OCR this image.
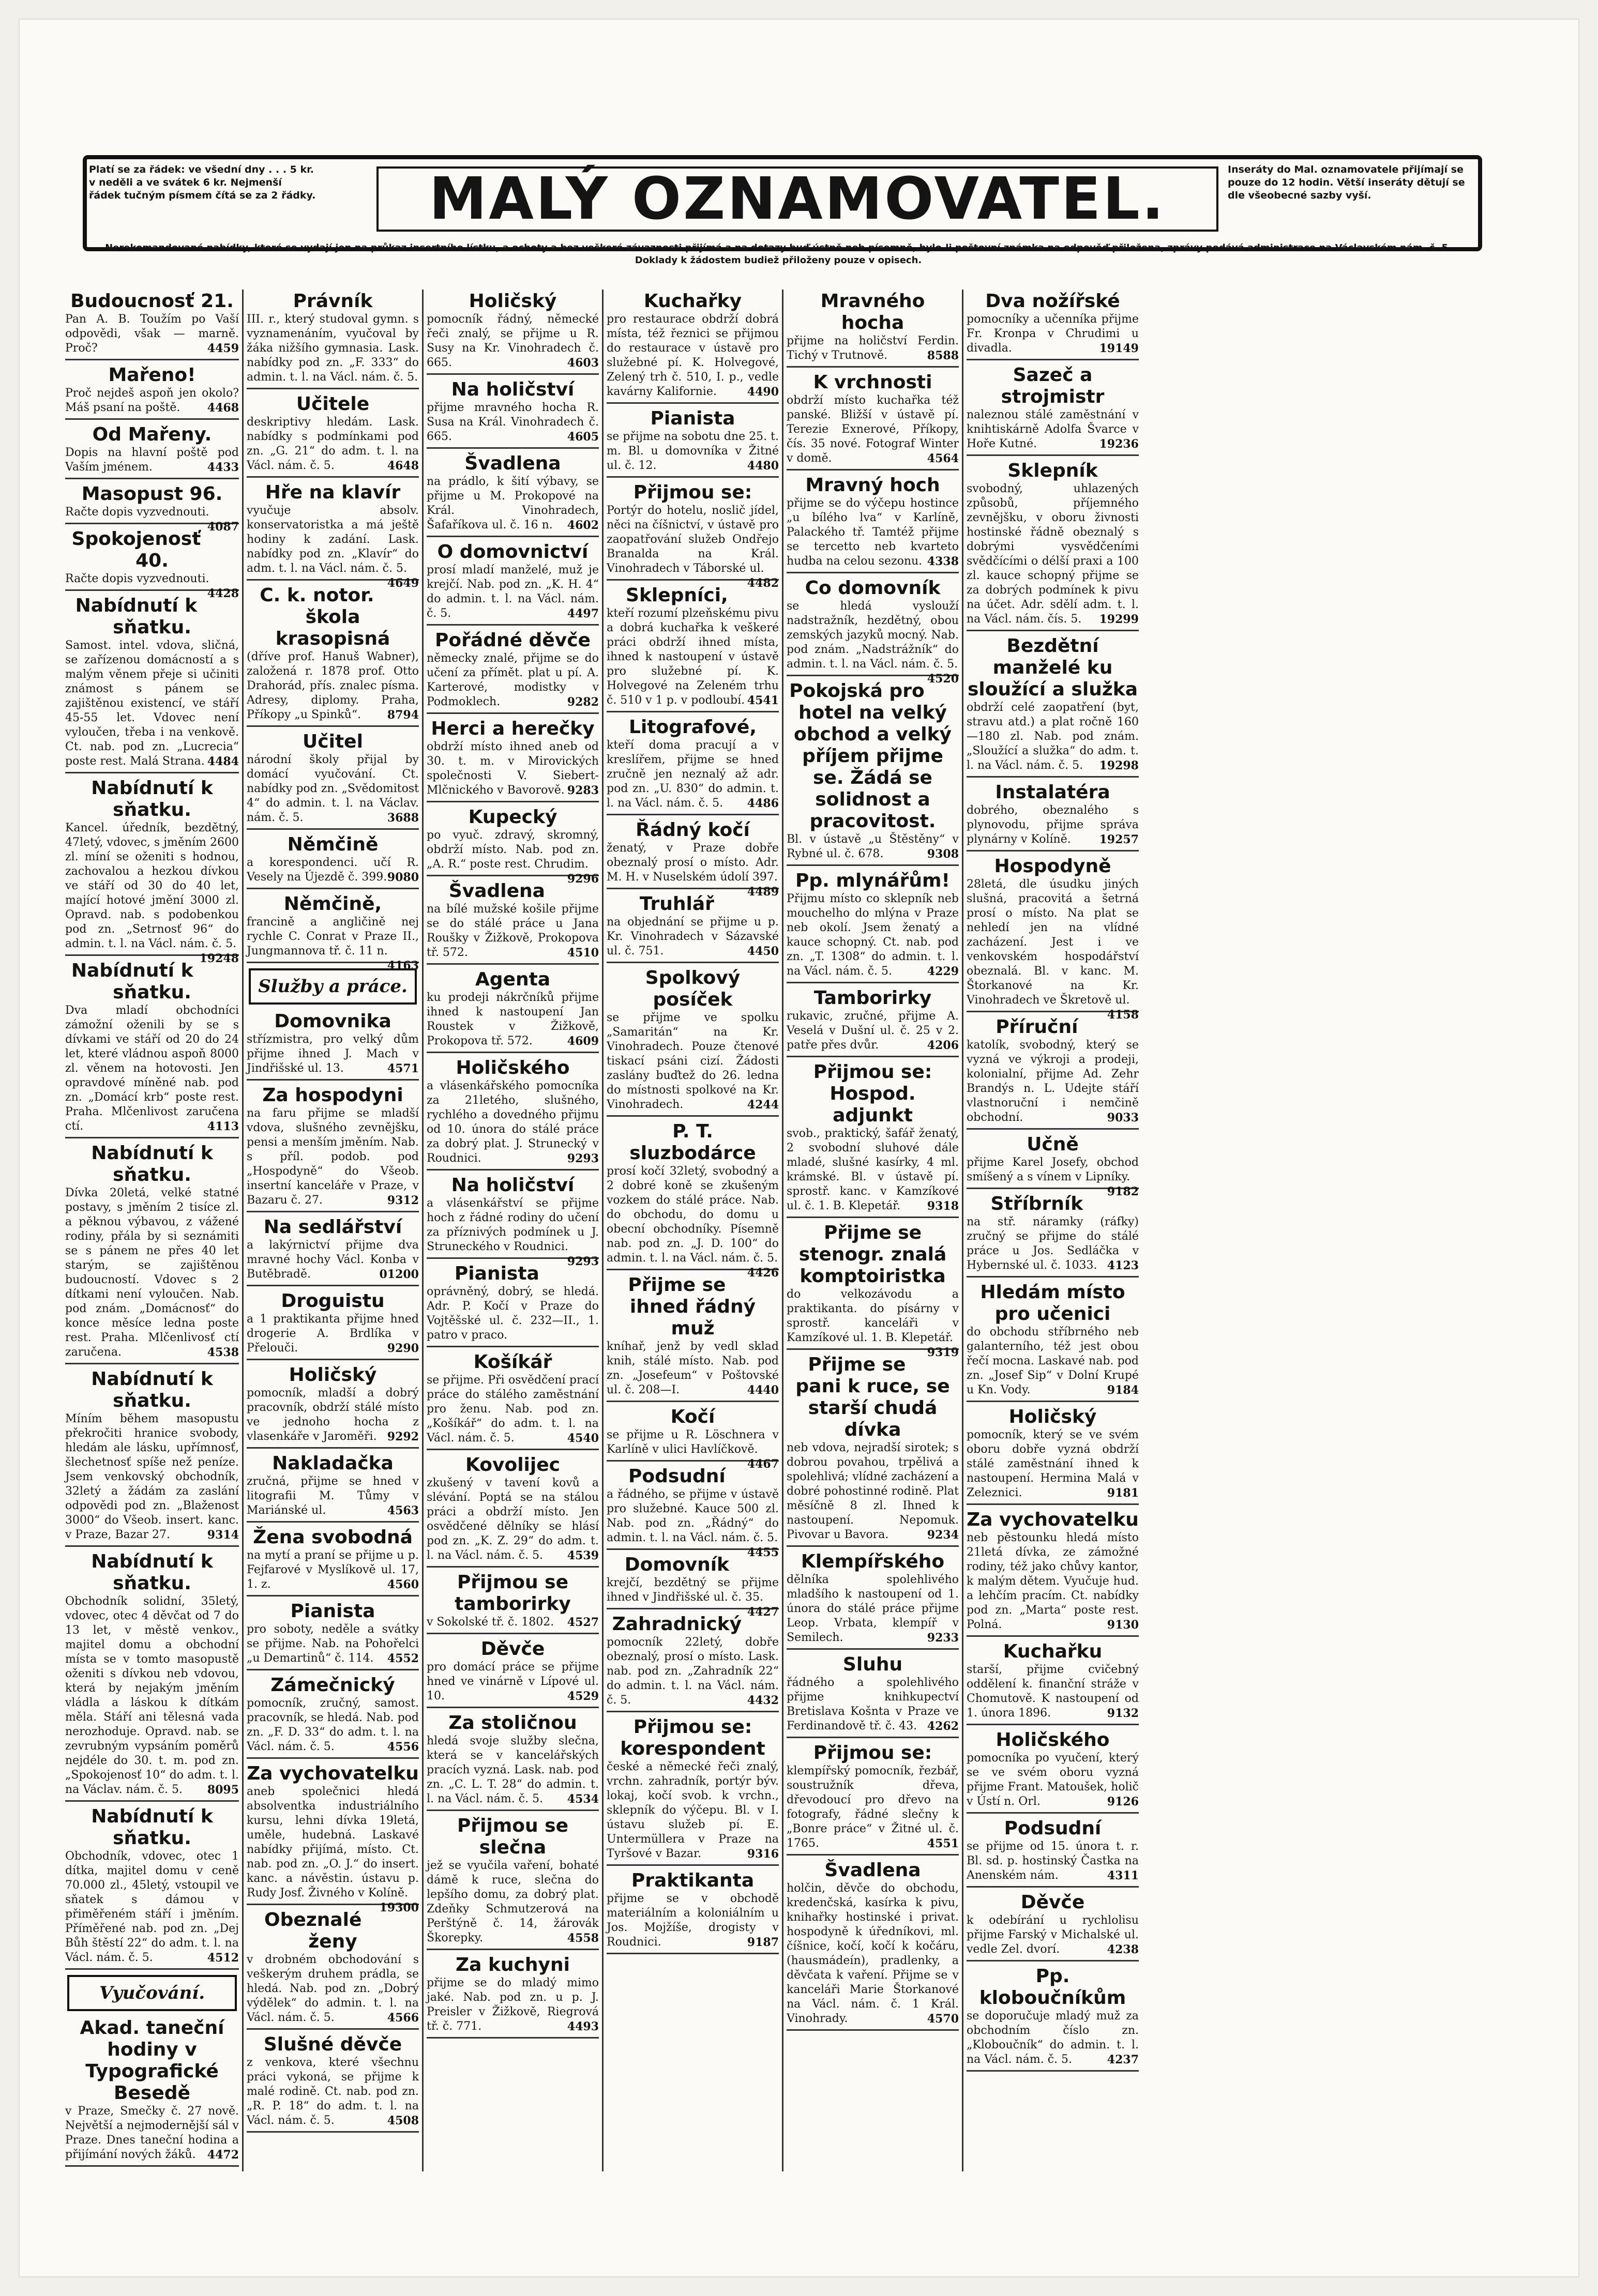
Platí se za řádek: ve všední dny . . . 5 kr. v neděli a ve svátek 6 kr. Nejmenší řádek tučným písmem čítá se za 2 řádky.	MALÝ OZNAMOVATEL.	Inseráty do Mal. oznamovatele přijímají se pouze do 12 hodin. Větší inseráty dětují se dle všeobecné sazby vyší.
Nerekomandované nabídky, které se vydají jen na průkaz insertního lístku, a ochoty a bez veškeré závaznosti přijímá a na dotazy buď ústně neb písemně, bylo-li poštovní známka na odpověď přiložena, zprávy podává administrace na Václavském nám. č. 5. Doklady k žádostem budiež přiloženy pouze v opisech.
Budoucnosť 21.

Pan A. B. Toužím po Vaší odpovědi, však — marně. Proč?	4459

Mařeno!

Proč nejdeš aspoň jen okolo? Máš psaní na poště. 4468

Od Mařeny.

Dopis na hlavní poště pod Vaším jménem.	4433

Masopust 96.

Račte dopis vyzvednouti.
4087

Spokojenosť 40.

Račte dopis vyzvednouti.
4428

Nabídnutí k sňatku.

Samost. intel. vdova, sličná, se zařízenou domácností a s malým věnem přeje si učiniti známost s pánem se zajištěnou existencí, ve stáří 45-55 let. Vdovec není vyloučen, třeba i na venkově. Ct. nab. pod zn. „Lucrecia“ poste rest. Malá Strana. 4484

Nabídnutí k sňatku.

Kancel. úředník, bezdětný, 47letý, vdovec, s jměním 2600 zl. míní se oženiti s hodnou, zachovalou a hezkou dívkou ve stáří od 30 do 40 let, mající hotové jmění 3000 zl. Opravd. nab. s podobenkou pod zn. „Setrnosť 96“ do admin. t. l. na Václ. nám. č. 5.
19248

Nabídnutí k sňatku.

Dva mladí obchodníci zámožní oženili by se s dívkami ve stáří od 20 do 24 let, které vládnou aspoň 8000 zl. věnem na hotovosti. Jen opravdové míněné nab. pod zn. „Domácí krb“ poste rest. Praha. Mlčenlivost zaručena ctí.	4113

Nabídnutí k sňatku.

Dívka 20letá, velké statné postavy, s jměním 2 tisíce zl. a pěknou výbavou, z vážené rodiny, přála by si seznámiti se s pánem ne přes 40 let starým, se zajištěnou budoucností. Vdovec s 2 dítkami není vyloučen. Nab. pod znám. „Domácnosť“ do konce měsíce ledna poste rest. Praha. Mlčenlivosť ctí zaručena.	4538

Nabídnutí k sňatku.

Míním během masopustu překročiti hranice svobody, hledám ale lásku, upřímnosť, šlechetnosť spíše než peníze. Jsem venkovský obchodník, 32letý a žádám za zaslání odpovědi pod zn. „Blaženost 3000“ do Všeob. insert. kanc. v Praze, Bazar 27.	9314

Nabídnutí k sňatku.

Obchodník solidní, 35letý, vdovec, otec 4 děvčat od 7 do 13 let, v městě venkov., majitel domu a obchodní místa se v tomto masopustě oženiti s dívkou neb vdovou, která by nejakým jměním vládla a láskou k dítkám měla. Stáří ani tělesná vada nerozhoduje. Opravd. nab. se zevrubným vypsáním poměrů nejdéle do 30. t. m. pod zn. „Spokojenosť 10“ do adm. t. l. na Václav. nám. č. 5. 8095

Nabídnutí k sňatku.

Obchodník, vdovec, otec 1 dítka, majitel domu v ceně 70.000 zl., 45letý, vstoupil ve sňatek s dámou v přiměřeném stáří i jměním. Příměřené nab. pod zn. „Dej Bůh štěstí 22“ do adm. t. l. na Václ. nám. č. 5.	4512

Vyučování.
Akad. taneční hodiny v Typografické Besedě

v Praze, Smečky č. 27 nově. Největší a nejmodernější sál v Praze. Dnes taneční hodina a přijímání nových žáků. 4472

Právník

III. r., který studoval gymn. s vyznamenáním, vyučoval by žáka nižšího gymnasia. Lask. nabídky pod zn. „F. 333“ do admin. t. l. na Václ. nám. č. 5.

Učitele

deskriptivy hledám. Lask. nabídky s podmínkami pod zn. „G. 21“ do adm. t. l. na Václ. nám. č. 5.	4648

Hře na klavír

vyučuje absolv. konservatoristka a má ještě hodiny k zadání. Lask. nabídky pod zn. „Klavír“ do adm. t. l. na Václ. nám. č. 5.
4649

C. k. notor. škola krasopisná

(dříve prof. Hanuš Wabner), založená r. 1878 prof. Otto Drahorád, přís. znalec písma. Adresy, diplomy. Praha, Příkopy „u Spinků“. 8794

Učitel

národní školy přijal by domácí vyučování. Ct. nabídky pod zn. „Svědomitost 4“ do admin. t. l. na Václav. nám. č. 5.	3688

Němčině

a korespondenci. učí R. Vesely na Újezdě č. 399. 9080

Němčině,

francině a angličině nej rychle C. Conrat v Praze II., Jungmannova tř. č. 11 n.
4163

Služby a práce.
Domovnika

střízmistra, pro velký dům přijme ihned J. Mach v Jindřišské ul. 13.	4571

Za hospodyni

na faru přijme se mladší vdova, slušného zevnějšku, pensi a menším jměním. Nab. s příl. podob. pod „Hospodyně“ do Všeob. insertní kanceláře v Praze, v Bazaru č. 27.	9312

Na sedlářství

a lakýrnictví přijme dva mravné hochy Václ. Konba v Butěbradě.	01200

Droguistu

a 1 praktikanta přijme hned drogerie A. Brdlíka v Přelouči.	9290

Holičský

pomocník, mladší a dobrý pracovník, obdrží stálé místo ve jednoho hocha z vlasenkáře v Jaroměři. 9292

Nakladačka

zručná, přijme se hned v litografii M. Tůmy v Mariánské ul.	4563

Žena svobodná

na mytí a praní se přijme u p. Fejfarové v Myslíkově ul. 17, 1. z.	4560

Pianista

pro soboty, neděle a svátky se přijme. Nab. na Pohořelci „u Demartinů“ č. 114. 4552

Zámečnický

pomocník, zručný, samost. pracovník, se hledá. Nab. pod zn. „F. D. 33“ do adm. t. l. na Václ. nám. č. 5.	4556

Za vychovatelku

aneb společnici hledá absolventka industriálního kursu, lehni dívka 19letá, uměle, hudebná. Laskavé nabídky přijímá, místo. Ct. nab. pod zn. „O. J.“ do insert. kanc. a návěstin. ústavu p. Rudy Josf. Živného v Kolíně.
19300

Obeznalé ženy

v drobném obchodování s veškerým druhem prádla, se hledá. Nab. pod zn. „Dobrý výdělek“ do admin. t. l. na Václ. nám. č. 5.	4566

Slušné děvče

z venkova, které všechnu práci vykoná, se přijme k malé rodině. Ct. nab. pod zn. „R. P. 18“ do adm. t. l. na Václ. nám. č. 5.	4508

Holičský

pomocník řádný, německé řeči znalý, se přijme u R. Susy na Kr. Vinohradech č. 665.	4603

Na holičství

přijme mravného hocha R. Susa na Král. Vinohradech č. 665.	4605

Švadlena

na prádlo, k šití výbavy, se přijme u M. Prokopové na Král. Vinohradech, Šafaříkova ul. č. 16 n. 4602

O domovnictví

prosí mladí manželé, muž je krejčí. Nab. pod zn. „K. H. 4“ do admin. t. l. na Václ. nám. č. 5.	4497

Pořádné děvče

německy znalé, přijme se do učení za přímět. plat u pí. A. Karterové, modistky v Podmoklech.	9282

Herci a herečky

obdrží místo ihned aneb od 30. t. m. v Mirovických společnosti V. Siebert-Mlčnického v Bavorově. 9283

Kupecký

po vyuč. zdravý, skromný, obdrží místo. Nab. pod zn. „A. R.“ poste rest. Chrudim.
9296

Švadlena

na bílé mužské košile přijme se do stálé práce u Jana Roušky v Žižkově, Prokopova tř. 572.	4510

Agenta

ku prodeji nákrčníků přijme ihned k nastoupení Jan Roustek v Žižkově, Prokopova tř. 572.	4609

Holičského

a vlásenkářského pomocníka za 21letého, slušného, rychlého a dovedného přijmu od 10. února do stálé práce za dobrý plat. J. Strunecký v Roudnici.	9293

Na holičství

a vlásenkářství se přijme hoch z řádné rodiny do učení za příznivých podmínek u J. Struneckého v Roudnici.
9293

Pianista

oprávněný, dobrý, se hledá. Adr. P. Kočí v Praze do Vojtěšské ul. č. 232—II., 1. patro v praco.

Košíkář

se přijme. Při osvědčení prací práce do stálého zaměstnání pro ženu. Nab. pod zn. „Košíkář“ do adm. t. l. na Václ. nám. č. 5.	4540

Kovolijec

zkušený v tavení kovů a slévání. Poptá se na stálou práci a obdrží místo. Jen osvědčené dělníky se hlásí pod zn. „K. Z. 29“ do adm. t. l. na Václ. nám. č. 5. 4539

Přijmou se tamborirky

v Sokolské tř. č. 1802. 4527

Děvče

pro domácí práce se přijme hned ve vinárně v Lípové ul. 10.	4529

Za stoličnou

hledá svoje služby slečna, která se v kancelářských pracích vyzná. Lask. nab. pod zn. „C. L. T. 28“ do admin. t. l. na Václ. nám. č. 5. 4534

Přijmou se slečna

jež se vyučila vaření, bohaté dámě k ruce, slečna do lepšího domu, za dobrý plat. Zdeňky Schmutzerová na Perštýně č. 14, žárovák Škorepky.	4558

Za kuchyni

přijme se do mladý mimo jaké. Nab. pod zn. u p. J. Preisler v Žižkově, Riegrová tř. č. 771.	4493

Kuchařky

pro restaurace obdrží dobrá místa, též řeznici se přijmou do restaurace v ústavě pro služebné pí. K. Holvegové, Zelený trh č. 510, I. p., vedle kavárny Kalifornie.	4490

Pianista

se přijme na sobotu dne 25. t. m. Bl. u domovníka v Žitné ul. č. 12.	4480

Přijmou se:

Portýr do hotelu, noslič jídel, něci na číšnictví, v ústavě pro zaopatřování služeb Ondřejo Branalda na Král. Vinohradech v Táborské ul.
4482

Sklepníci,

kteří rozumí plzeňskému pivu a dobrá kuchařka k veškeré práci obdrží ihned místa, ihned k nastoupení v ústavě pro služebné pí. K. Holvegové na Zeleném trhu č. 510 v 1 p. v podloubí. 4541

Litografové,

kteří doma pracují a v kreslířem, přijme se hned zručně jen neznalý až adr. pod zn. „U. 830“ do admin. t. l. na Václ. nám. č. 5. 4486

Řádný kočí

ženatý, v Praze dobře obeznalý prosí o místo. Adr. M. H. v Nuselském údolí 397.
4489

Truhlář

na objednání se přijme u p. Kr. Vinohradech v Sázavské ul. č. 751.	4450

Spolkový posíček

se přijme ve spolku „Samaritán“ na Kr. Vinohradech. Pouze čtenové tiskací psáni cizí. Žádosti zaslány buďtež do 26. ledna do místnosti spolkové na Kr. Vinohradech.	4244

P. T. sluzbodárce

prosí kočí 32letý, svobodný a 2 dobré koně se zkušeným vozkem do stálé práce. Nab. do obchodu, do domu u obecní obchodníky. Písemně nab. pod zn. „J. D. 100“ do admin. t. l. na Václ. nám. č. 5.
4426

Přijme se ihned řádný muž

kníhař, jenž by vedl sklad knih, stálé místo. Nab. pod zn. „Josefeum“ v Poštovské ul. č. 208—I.	4440

Kočí

se přijme u R. Löschnera v Karlíně v ulici Havlíčkově.
4467

Podsudní

a řádného, se přijme v ústavě pro služebné. Kauce 500 zl. Nab. pod zn. „Řádný“ do admin. t. l. na Václ. nám. č. 5.
4455

Domovník

krejčí, bezdětný se přijme ihned v Jindřišské ul. č. 35.
4427

Zahradnický

pomocník 22letý, dobře obeznalý, prosí o místo. Lask. nab. pod zn. „Zahradník 22“ do admin. t. l. na Václ. nám. č. 5.	4432

Přijmou se: korespondent

české a německé řeči znalý, vrchn. zahradník, portýr býv. lokaj, kočí svob. k vrchn., sklepník do výčepu. Bl. v I. ústavu služeb pí. E. Untermüllera v Praze na Tyršové v Bazar.	9316

Praktikanta

přijme se v obchodě materiálním a koloniálním u Jos. Mojžíše, drogisty v Roudnici.	9187

Mravného hocha

přijme na holičství Ferdin. Tichý v Trutnově.	8588

K vrchnosti

obdrží místo kuchařka též panské. Bližší v ústavě pí. Terezie Exnerové, Příkopy, čís. 35 nové. Fotograf Winter v domě.	4564

Mravný hoch

přijme se do výčepu hostince „u bílého lva“ v Karlíně, Palackého tř. Tamtéž přijme se tercetto neb kvarteto hudba na celou sezonu. 4338

Co domovník

se hledá vyslouží nadstražník, hezdětný, obou zemských jazyků mocný. Nab. pod znám. „Nadstrážník“ do admin. t. l. na Václ. nám. č. 5.
4520

Pokojská pro hotel na velký obchod a velký příjem přijme se. Žádá se solidnost a pracovitost.

Bl. v ústavě „u Štěstěny“ v Rybné ul. č. 678.	9308

Pp. mlynářům!

Přijmu místo co sklepník neb mouchelho do mlýna v Praze neb okolí. Jsem ženatý a kauce schopný. Ct. nab. pod zn. „T. 1308“ do admin. t. l. na Václ. nám. č. 5.	4229

Tamborirky

rukavic, zručné, přijme A. Veselá v Dušní ul. č. 25 v 2. patře přes dvůr.	4206

Přijmou se: Hospod. adjunkt

svob., praktický, šafář ženatý, 2 svobodní sluhové dále mladé, slušné kasírky, 4 ml. krámské. Bl. v ústavě pí. sprostř. kanc. v Kamzíkové ul. č. 1. B. Klepetář. 9318

Přijme se stenogr. znalá komptoiristka

do velkozávodu a praktikanta. do písárny v sprostř. kanceláři v Kamzíkové ul. 1. B. Klepetář.
9319

Přijme se pani k ruce, se starší chudá dívka

neb vdova, nejradší sirotek; s dobrou povahou, trpělivá a spolehlivá; vlídné zacházení a dobré pohostinné rodině. Plat měsíčně 8 zl. Ihned k nastoupení. Nepomuk. Pivovar u Bavora.	9234

Klempířského

dělníka spolehlivého mladšího k nastoupení od 1. února do stálé práce přijme Leop. Vrbata, klempíř v Semilech.	9233

Sluhu

řádného a spolehlivého přijme knihkupectví Bretislava Košnta v Praze ve Ferdinandově tř. č. 43. 4262

Přijmou se:

klempířský pomocník, řezbář, soustružník dřeva, dřevodoucí pro dřevo na fotografy, řádné slečny k „Bonre práce“ v Žitné ul. č. 1765.	4551

Švadlena

holčin, děvče do obchodu, kredenčská, kasírka k pivu, knihařky hostinské i privat. hospodyně k úředníkovi, ml. číšnice, kočí, kočí k kočáru, (hausmádeín), pradlenky, a děvčata k vaření. Přijme se v kanceláři Marie Štorkanové na Václ. nám. č. 1 Král. Vinohrady.	4570

Dva nožířské

pomocníky a učenníka přijme Fr. Kronpa v Chrudimi u divadla.	19149

Sazeč a strojmistr

naleznou stálé zaměstnání v knihtiskárně Adolfa Švarce v Hoře Kutné.	19236

Sklepník

svobodný, uhlazených způsobů, příjemného zevnějšku, v oboru živnosti hostinské řádně obeznalý s dobrými vysvědčeními svědčícími o délší praxi a 100 zl. kauce schopný přijme se za dobrých podmínek k pivu na účet. Adr. sdělí adm. t. l. na Václ. nám. čís. 5. 19299

Bezdětní manželé ku sloužící a služka

obdrží celé zaopatření (byt, stravu atd.) a plat ročně 160—180 zl. Nab. pod znám. „Sloužící a služka“ do adm. t. l. na Václ. nám. č. 5. 19298

Instalatéra

dobrého, obeznalého s plynovodu, přijme správa plynárny v Kolíně. 19257

Hospodyně

28letá, dle úsudku jiných slušná, pracovitá a šetrná prosí o místo. Na plat se nehledí jen na vlídné zacházení. Jest i ve venkovském hospodářství obeznalá. Bl. v kanc. M. Štorkanové na Kr. Vinohradech ve Škretově ul.
4158

Příruční

katolík, svobodný, který se vyzná ve výkroji a prodeji, kolonialní, přijme Ad. Zehr Brandýs n. L. Udejte stáří vlastnoruční i nemčině obchodní.	9033

Učně

přijme Karel Josefy, obchod smíšený a s vínem v Lipníky.
9182

Stříbrník

na stř. náramky (ráfky) zručný se přijme do stálé práce u Jos. Sedláčka v Hybernské ul. č. 1033. 4123

Hledám místo pro učenici

do obchodu stříbrného neb galanterního, též jest obou řečí mocna. Laskavé nab. pod zn. „Josef Sip“ v Dolní Krupé u Kn. Vody.	9184

Holičský

pomocník, který se ve svém oboru dobře vyzná obdrží stálé zaměstnání ihned k nastoupení. Hermina Malá v Zeleznici.	9181

Za vychovatelku

neb pěstounku hledá místo 21letá dívka, ze zámožné rodiny, též jako chůvy kantor, k malým dětem. Vyučuje hud. a lehčím pracím. Ct. nabídky pod zn. „Marta“ poste rest. Polná.	9130

Kuchařku

starší, přijme cvičebný oddělení k. finanční stráže v Chomutově. K nastoupení od 1. února 1896.	9132

Holičského

pomocníka po vyučení, který se ve svém oboru vyzná přijme Frant. Matoušek, holič v Ústí n. Orl.	9126

Podsudní

se přijme od 15. února t. r. Bl. sd. p. hostinský Častka na Anenském nám.	4311

Děvče

k odebírání u rychlolisu přijme Farský v Michalské ul. vedle Zel. dvorí.	4238

Pp. kloboučníkům

se doporučuje mladý muž za obchodním číslo zn. „Kloboučník“ do admin. t. l. na Václ. nám. č. 5.	4237
